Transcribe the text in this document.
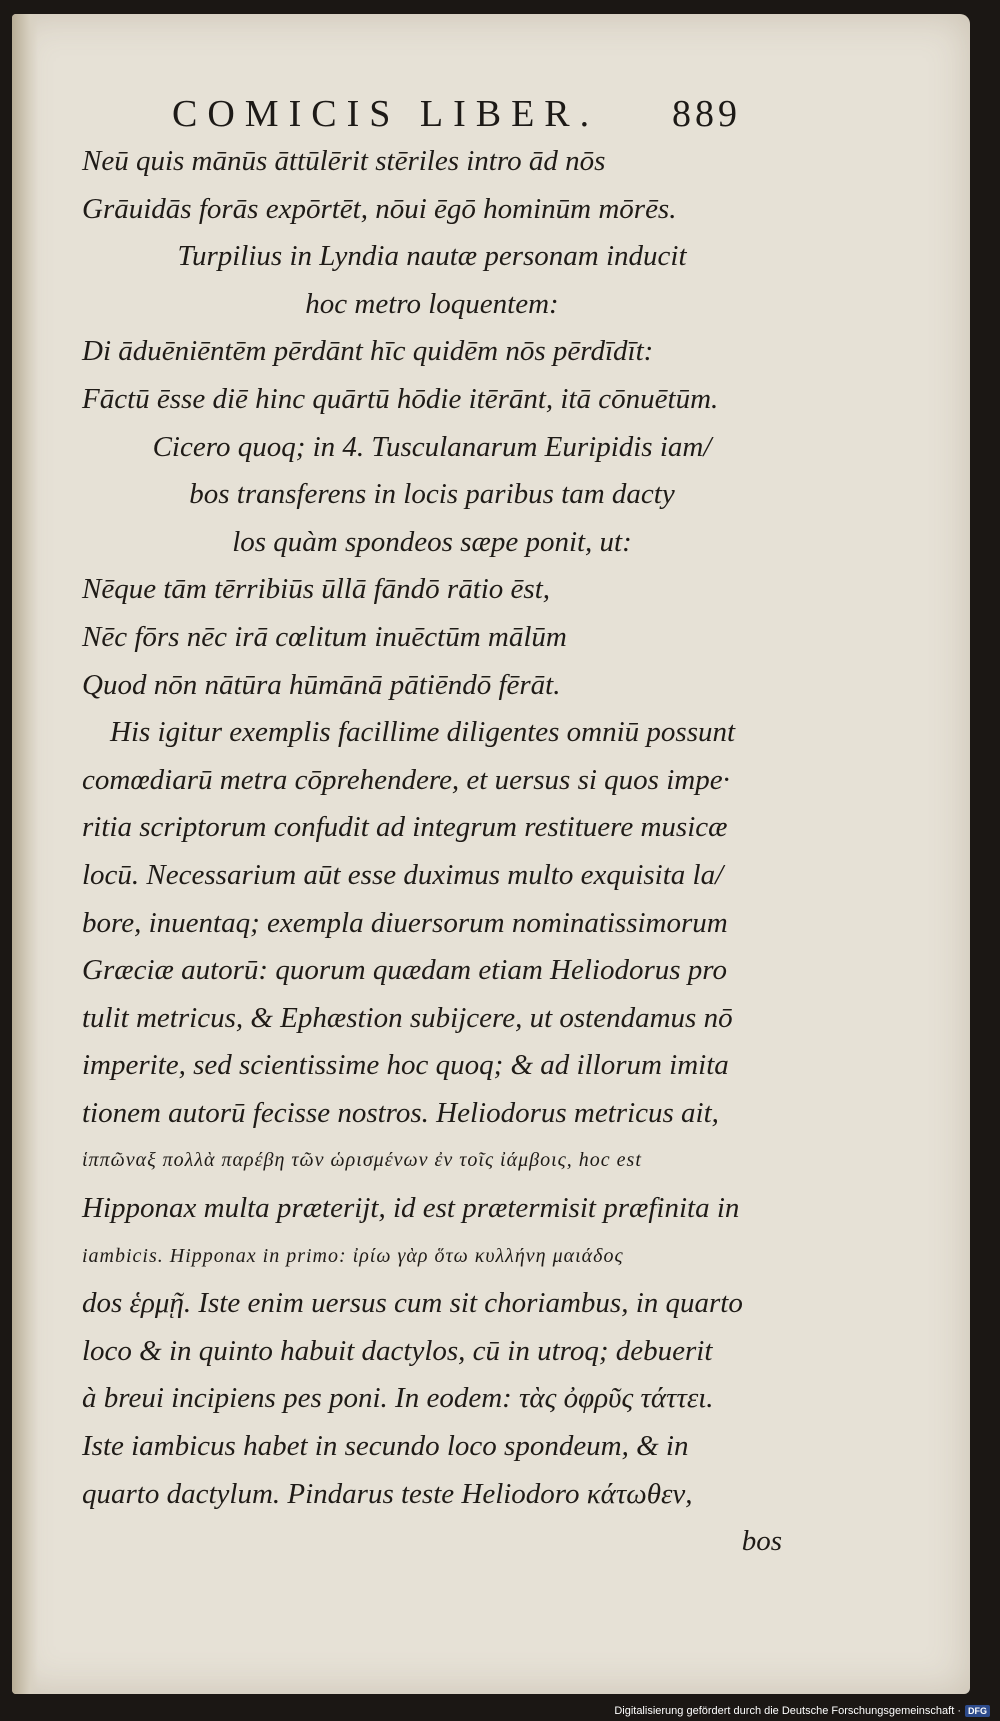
COMICIS LIBER. 889
Neū quis mānūs āttūlērit stēriles intro ād nōs
Grāuidās forās expōrtēt, nōui ēgō hominūm mōrēs.
Turpilius in Lyndia nautæ personam inducit
hoc metro loquentem:
Di āduēniēntēm pērdānt hīc quidēm nōs pērdīdīt:
Fāctū ēsse diē hinc quārtū hōdie itērānt, itā cōnuētūm.
Cicero quoq; in 4. Tusculanarum Euripidis iam/
bos transferens in locis paribus tam dacty
los quàm spondeos sæpe ponit, ut:
Nēque tām tērribiūs ūllā fāndō rātio ēst,
Nēc fōrs nēc irā cœlitum inuēctūm mālūm
Quod nōn nātūra hūmānā pātiēndō fērāt.
His igitur exemplis facillime diligentes omniū possunt
comœdiarū metra cōprehendere, et uersus si quos impe·
ritia scriptorum confudit ad integrum restituere musicæ
locū. Necessarium aūt esse duximus multo exquisita la/
bore, inuentaq; exempla diuersorum nominatissimorum
Græciæ autorū: quorum quædam etiam Heliodorus pro
tulit metricus, & Ephæstion subijcere, ut ostendamus nō
imperite, sed scientissime hoc quoq; & ad illorum imita
tionem autorū fecisse nostros. Heliodorus metricus ait,
ἱππῶναξ πολλὰ παρέβη τῶν ὡρισμένων ἐν τοῖς ἰάμβοις, hoc est
Hipponax multa præterijt, id est prætermisit præfinita in
iambicis. Hipponax in primo: ἰρίω γὰρ ὅτω κυλλήνη μαιάδος
dos ἑρμῇ. Iste enim uersus cum sit choriambus, in quarto
loco & in quinto habuit dactylos, cū in utroq; debuerit
à breui incipiens pes poni. In eodem: τὰς ὀφρῦς τάττει.
Iste iambicus habet in secundo loco spondeum, & in
quarto dactylum. Pindarus teste Heliodoro κάτωθεν,
bos
Digitalisierung gefördert durch die Deutsche Forschungsgemeinschaft · DFG
